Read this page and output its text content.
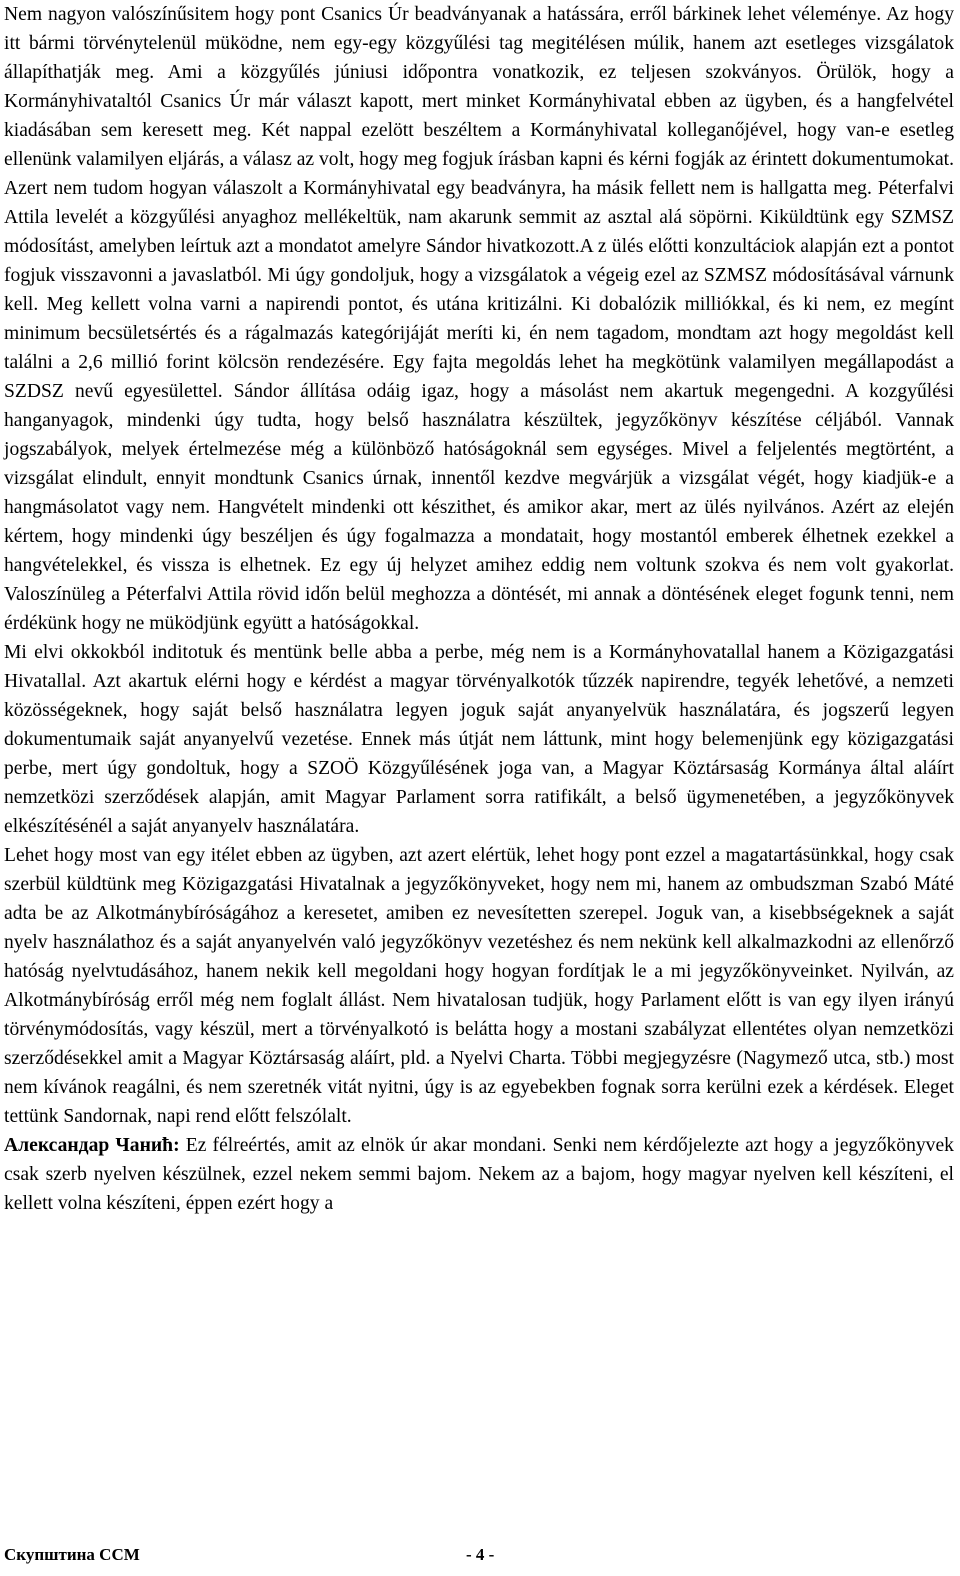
Nem nagyon valószínűsitem hogy pont Csanics Úr beadványanak a hatássára, erről bárkinek lehet véleménye. Az hogy itt bármi törvénytelenül müködne, nem egy-egy közgyűlési tag megitélésen múlik, hanem azt esetleges vizsgálatok állapíthatják meg. Ami a közgyűlés júniusi időpontra vonatkozik, ez teljesen szokványos. Örülök, hogy a Kormányhivataltól Csanics Úr már választ kapott, mert minket Kormányhivatal ebben az ügyben, és a hangfelvétel kiadásában sem keresett meg. Két nappal ezelött beszéltem a Kormányhivatal kolleganőjével, hogy van-e esetleg ellenünk valamilyen eljárás, a válasz az volt, hogy meg fogjuk írásban kapni és kérni fogják az érintett dokumentumokat. Azert nem tudom hogyan válaszolt a Kormányhivatal egy beadványra, ha másik fellett nem is hallgatta meg. Péterfalvi Attila levelét a közgyűlési anyaghoz mellékeltük, nam akarunk semmit az asztal alá söpörni. Kiküldtünk egy SZMSZ módosítást, amelyben leírtuk azt a mondatot amelyre Sándor hivatkozott.A z ülés előtti konzultáciok alapján ezt a pontot fogjuk visszavonni a javaslatból. Mi úgy gondoljuk, hogy a vizsgálatok a végeig ezel az SZMSZ módosításával várnunk kell. Meg kellett volna varni a napirendi pontot, és utána kritizálni. Ki dobalózik milliókkal, és ki nem, ez megínt minimum becsületsértés és a rágalmazás kategórijáját meríti ki, én nem tagadom, mondtam azt hogy megoldást kell találni a 2,6 millió forint kölcsön rendezésére. Egy fajta megoldás lehet ha megkötünk valamilyen megállapodást a SZDSZ nevű egyesülettel. Sándor állítása odáig igaz, hogy a másolást nem akartuk megengedni. A kozgyűlési hanganyagok, mindenki úgy tudta, hogy belső használatra készültek, jegyzőkönyv készítése céljából. Vannak jogszabályok, melyek értelmezése még a különböző hatóságoknál sem egységes. Mivel a feljelentés megtörtént, a vizsgálat elindult, ennyit mondtunk Csanics úrnak, innentől kezdve megvárjük a vizsgálat végét, hogy kiadjük-e a hangmásolatot vagy nem. Hangvételt mindenki ott készithet, és amikor akar, mert az ülés nyilvános. Azért az elején kértem, hogy mindenki úgy beszéljen és úgy fogalmazza a mondatait, hogy mostantól emberek élhetnek ezekkel a hangvételekkel, és vissza is elhetnek. Ez egy új helyzet amihez eddig nem voltunk szokva és nem volt gyakorlat. Valoszínüleg a Péterfalvi Attila rövid időn belül meghozza a döntését, mi annak a döntésének eleget fogunk tenni, nem érdékünk hogy ne müködjünk együtt a hatóságokkal.

Mi elvi okkokból inditotuk és mentünk belle abba a perbe, még nem is a Kormányhovatallal hanem a Közigazgatási Hivatallal. Azt akartuk elérni hogy e kérdést a magyar törvényalkotók tűzzék napirendre, tegyék lehetővé, a nemzeti közösségeknek, hogy saját belső használatra legyen joguk saját anyanyelvük használatára, és jogszerű legyen dokumentumaik saját anyanyelvű vezetése. Ennek más útját nem láttunk, mint hogy belemenjünk egy közigazgatási perbe, mert úgy gondoltuk, hogy a SZOÖ Közgyűlésének joga van, a Magyar Köztársaság Kormánya által aláírt nemzetközi szerződések alapján, amit Magyar Parlament sorra ratifikált, a belső ügymenetében, a jegyzőkönyvek elkészítésénél a saját anyanyelv használatára.

Lehet hogy most van egy itélet ebben az ügyben, azt azert elértük, lehet hogy pont ezzel a magatartásünkkal, hogy csak szerbül küldtünk meg Közigazgatási Hivatalnak a jegyzőkönyveket, hogy nem mi, hanem az ombudszman Szabó Máté adta be az Alkotmánybíróságához a keresetet, amiben ez nevesítetten szerepel. Joguk van, a kisebbségeknek a saját nyelv használathoz és a saját anyanyelvén való jegyzőkönyv vezetéshez és nem nekünk kell alkalmazkodni az ellenőrző hatóság nyelvtudásához, hanem nekik kell megoldani hogy hogyan fordítjak le a mi jegyzőkönyveinket. Nyilván, az Alkotmánybíróság erről még nem foglalt állást. Nem hivatalosan tudjük, hogy Parlament előtt is van egy ilyen irányú törvénymódosítás, vagy készül, mert a törvényalkotó is belátta hogy a mostani szabályzat ellentétes olyan nemzetközi szerződésekkel amit a Magyar Köztársaság aláírt, pld. a Nyelvi Charta. Többi megjegyzésre (Nagymező utca, stb.) most nem kívánok reagálni, és nem szeretnék vitát nyitni, úgy is az egyebekben fognak sorra kerülni ezek a kérdések. Eleget tettünk Sandornak, napi rend előtt felszólalt.

Александар Чанић: Ez félreértés, amit az elnök úr akar mondani. Senki nem kérdőjelezte azt hogy a jegyzőkönyvek csak szerb nyelven készülnek, ezzel nekem semmi bajom. Nekem az a bajom, hogy magyar nyelven kell készíteni, el kellett volna készíteni, éppen ezért hogy a

Скупштина ССМ	- 4 -
